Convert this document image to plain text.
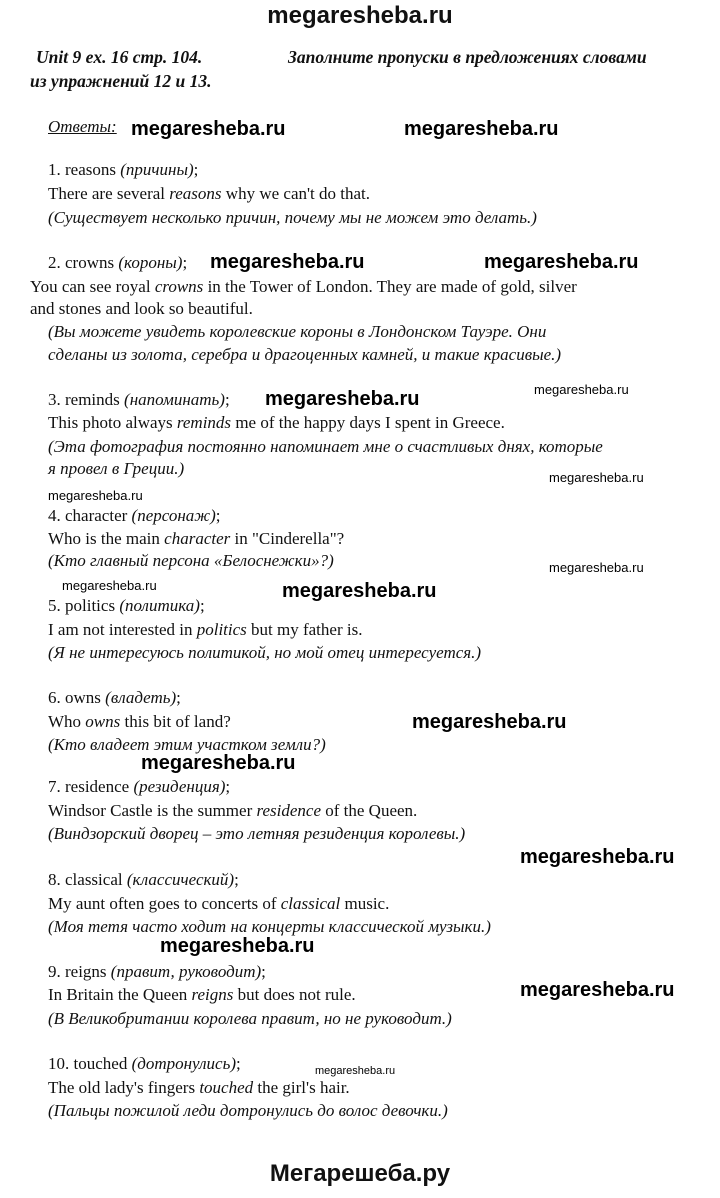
megaresheba.ru
Unit 9 ex. 16 стр. 104.	Заполните пропуски в предложениях словами
из упражнений 12 и 13.
Ответы:
1. reasons (причины);
There are several reasons why we can't do that.
(Существует несколько причин, почему мы не можем это делать.)
2. crowns (короны);
You can see royal crowns in the Tower of London. They are made of gold, silver
and stones and look so beautiful.
(Вы можете увидеть королевские короны в Лондонском Тауэре. Они
сделаны из золота, серебра и драгоценных камней, и такие красивые.)
3. reminds (напоминать);
This photo always reminds me of the happy days I spent in Greece.
(Эта фотография постоянно напоминает мне о счастливых днях, которые
я провел в Греции.)
4. character (персонаж);
Who is the main character in "Cinderella"?
(Кто главный персона «Белоснежки»?)
5. politics (политика);
I am not interested in politics but my father is.
(Я не интересуюсь политикой, но мой отец интересуется.)
6. owns (владеть);
Who owns this bit of land?
(Кто владеет этим участком земли?)
7. residence (резиденция);
Windsor Castle is the summer residence of the Queen.
(Виндзорский дворец – это летняя резиденция королевы.)
8. classical (классический);
My aunt often goes to concerts of classical music.
(Моя тетя часто ходит на концерты классической музыки.)
9. reigns (правит, руководит);
In Britain the Queen reigns but does not rule.
(В Великобритании королева правит, но не руководит.)
10. touched (дотронулись);
The old lady's fingers touched the girl's hair.
(Пальцы пожилой леди дотронулись до волос девочки.)
megaresheba.ru	megaresheba.ru
megaresheba.ru	megaresheba.ru
megaresheba.ru	megaresheba.ru
megaresheba.ru
megaresheba.ru
megaresheba.ru
megaresheba.ru	megaresheba.ru
megaresheba.ru
megaresheba.ru
megaresheba.ru
megaresheba.ru
megaresheba.ru
megaresheba.ru
Мегарешеба.ру
